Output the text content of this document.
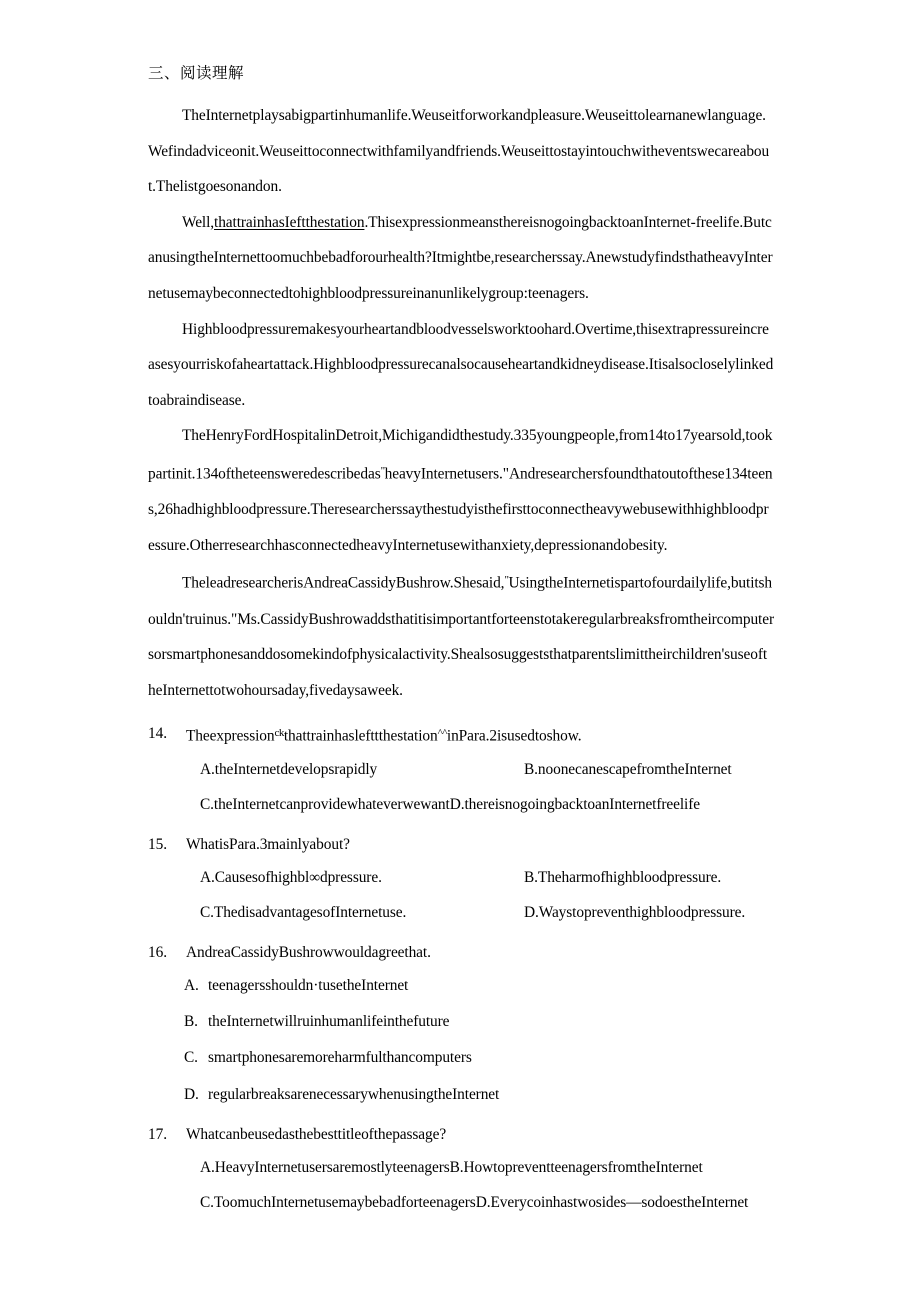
三、阅读理解

TheInternetplaysabigpartinhumanlife.Weuseitforworkandpleasure.Weuseittolearnanewlanguage.Wefindadviceonit.Weuseittoconnectwithfamilyandfriends.Weuseittostayintouchwitheventswecareabout.Thelistgoesonandon.

Well,thattrainhasIeftthestation.ThisexpressionmeansthereisnogoingbacktoanInternet-freelife.ButcanusingtheInternettoomuchbebadforourhealth?Itmightbe,researcherssay.AnewstudyfindsthatheavyInternetusemaybeconnectedtohighbloodpressureinanunlikelygroup:teenagers.

Highbloodpressuremakesyourheartandbloodvesselsworktoohard.Overtime,thisextrapressureincreasesyourriskofaheartattack.Highbloodpressurecanalsocauseheartandkidneydisease.Itisalsocloselylinkedtoabraindisease.

TheHenryFordHospitalinDetroit,Michigandidthestudy.335youngpeople,from14to17yearsold,tookpartinit.134oftheteensweredescribedas"heavyInternetusers."Andresearchersfoundthatoutofthese134teens,26hadhighbloodpressure.Theresearcherssaythestudyisthefirsttoconnectheavywebusewithhighbloodpressure.OtherresearchhasconnectedheavyInternetusewithanxiety,depressionandobesity.

TheleadresearcherisAndreaCassidyBushrow.Shesaid,"UsingtheInternetispartofourdailylife,butitshouldn'truinus."Ms.CassidyBushrowaddsthatitisimportantforteenstotakeregularbreaksfromtheircomputersorsmartphonesanddosomekindofphysicalactivity.Shealsosuggeststhatparentslimittheirchildren'suseoftheInternettotwohoursaday,fivedaysaweek.

14.	Theexpression$^{ck}$thattrainhaslefttthestation^^inPara.2isusedtoshow.
A.theInternetdevelopsrapidly	B.noonecanescapefromtheInternet
C.theInternetcanprovidewhateverwewantD.thereisnogoingbacktoanInternetfreelife
15.	WhatisPara.3mainlyabout?
A.Causesofhighbl∞dpressure.	B.Theharmofhighbloodpressure.
C.ThedisadvantagesofInternetuse.	D.Waystopreventhighbloodpressure.
16.	AndreaCassidyBushrowwouldagreethat.
A. teenagersshouldn·tusetheInternet
B. theInternetwillruinhumanlifeinthefuture
C. smartphonesaremoreharmfulthancomputers
D. regularbreaksarenecessarywhenusingtheInternet
17.	Whatcanbeusedasthebesttitleofthepassage?
A.HeavyInternetusersaremostlyteenagersB.HowtopreventteenagersfromtheInternet
C.ToomuchInternetusemaybebadforteenagersD.Everycoinhastwosides—sodoestheInternet
